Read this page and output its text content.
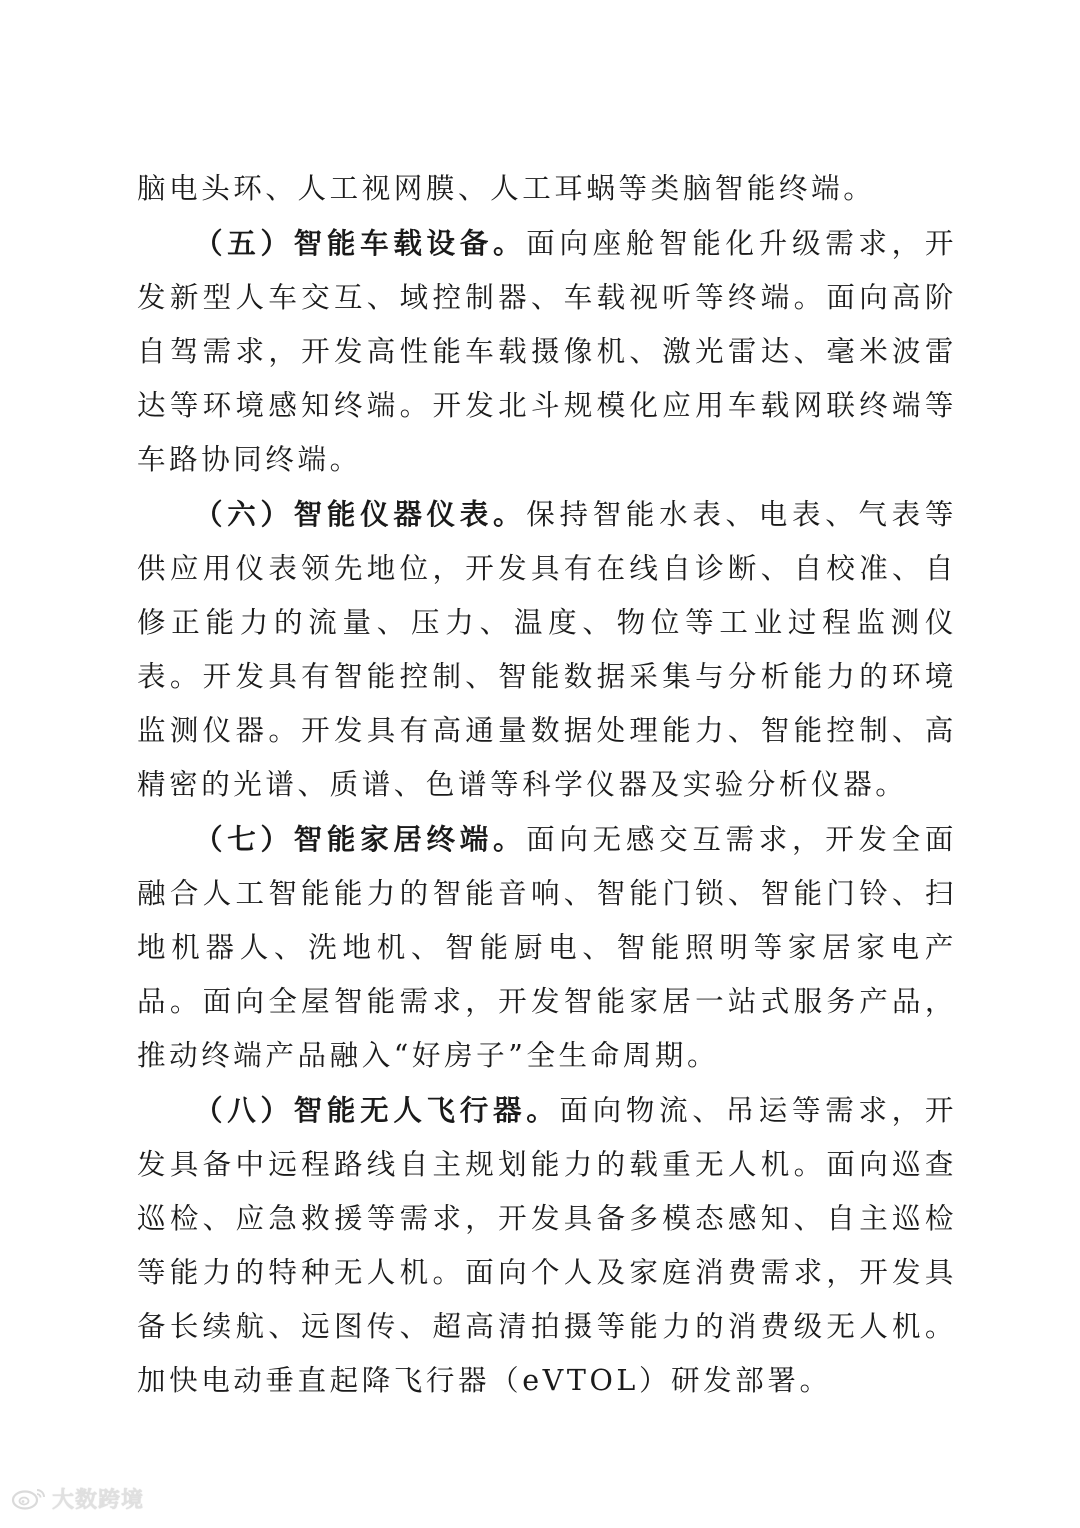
脑电头环、人工视网膜、人工耳蜗等类脑智能终端。

（五）智能车载设备。面向座舱智能化升级需求，开发新型人车交互、域控制器、车载视听等终端。面向高阶自驾需求，开发高性能车载摄像机、激光雷达、毫米波雷达等环境感知终端。开发北斗规模化应用车载网联终端等车路协同终端。

（六）智能仪器仪表。保持智能水表、电表、气表等供应用仪表领先地位，开发具有在线自诊断、自校准、自修正能力的流量、压力、温度、物位等工业过程监测仪表。开发具有智能控制、智能数据采集与分析能力的环境监测仪器。开发具有高通量数据处理能力、智能控制、高精密的光谱、质谱、色谱等科学仪器及实验分析仪器。

（七）智能家居终端。面向无感交互需求，开发全面融合人工智能能力的智能音响、智能门锁、智能门铃、扫地机器人、洗地机、智能厨电、智能照明等家居家电产品。面向全屋智能需求，开发智能家居一站式服务产品，推动终端产品融入“好房子”全生命周期。

（八）智能无人飞行器。面向物流、吊运等需求，开发具备中远程路线自主规划能力的载重无人机。面向巡查巡检、应急救援等需求，开发具备多模态感知、自主巡检等能力的特种无人机。面向个人及家庭消费需求，开发具备长续航、远图传、超高清拍摄等能力的消费级无人机。加快电动垂直起降飞行器（eVTOL）研发部署。

大数跨境
